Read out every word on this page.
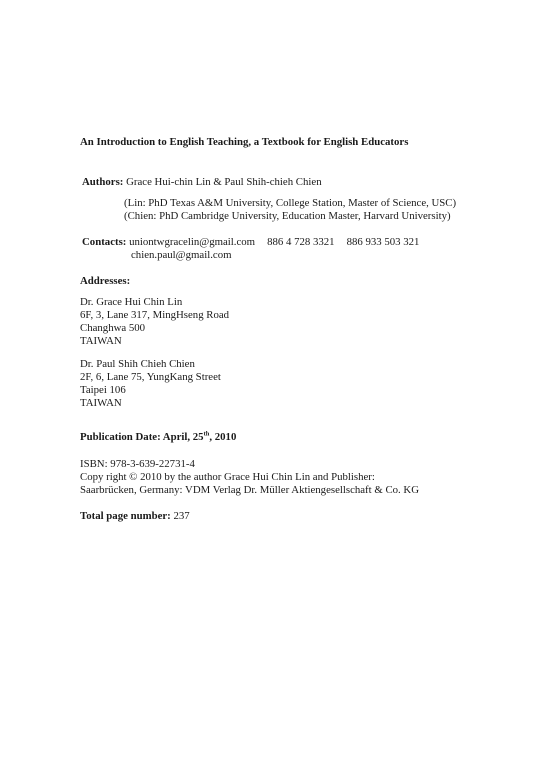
An Introduction to English Teaching, a Textbook for English Educators
Authors: Grace Hui-chin Lin & Paul Shih-chieh Chien
(Lin: PhD Texas A&M University, College Station, Master of Science, USC)
(Chien: PhD Cambridge University, Education Master, Harvard University)
Contacts: uniontwgracelin@gmail.com 886 4 728 3321 886 933 503 321
chien.paul@gmail.com
Addresses:
Dr. Grace Hui Chin Lin
6F, 3, Lane 317, MingHseng Road
Changhwa 500
TAIWAN
Dr. Paul Shih Chieh Chien
2F, 6, Lane 75, YungKang Street
Taipei 106
TAIWAN
Publication Date: April, 25th, 2010
ISBN: 978-3-639-22731-4
Copy right © 2010 by the author Grace Hui Chin Lin and Publisher:
Saarbrücken, Germany: VDM Verlag Dr. Müller Aktiengesellschaft & Co. KG
Total page number: 237
